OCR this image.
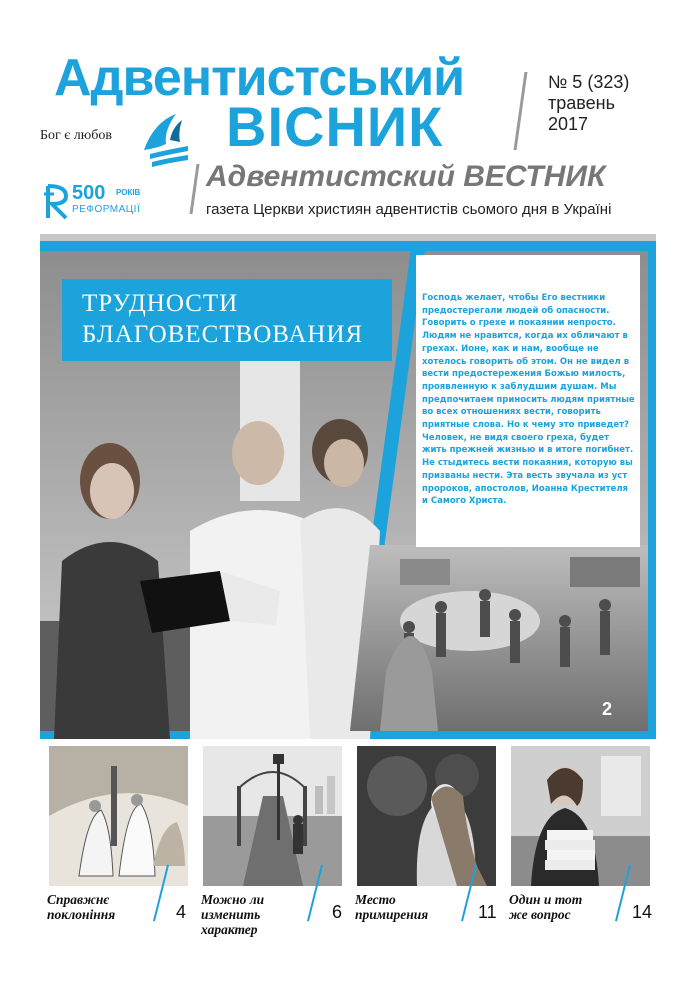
Адвентистський
ВІСНИК
Бог є любов
№ 5 (323)
травень
2017
500 РОКІВ
РЕФОРМАЦІЇ
Адвентистский ВЕСТНИК
газета Церкви християн адвентистів сьомого дня в Україні
ТРУДНОСТИ
БЛАГОВЕСТВОВАНИЯ
Господь желает, чтобы Его вестники предостерегали людей об опасности. Говорить о грехе и покаянии непросто. Людям не нравится, когда их обличают в грехах. Ионе, как и нам, вообще не хотелось говорить об этом. Он не видел в вести предостережения Божью милость, проявленную к заблудшим душам. Мы предпочитаем приносить людям приятные во всех отношениях вести, говорить приятные слова. Но к чему это приведет? Человек, не видя своего греха, будет жить прежней жизнью и в итоге погибнет. Не стыдитесь вести покаяния, которую вы призваны нести. Эта весть звучала из уст пророков, апостолов, Иоанна Крестителя и Самого Христа.
2
Справжнє
поклоніння	4
Можно ли изменить
характер
6
Место
примирения	11
Один и тот
же вопрос	14
